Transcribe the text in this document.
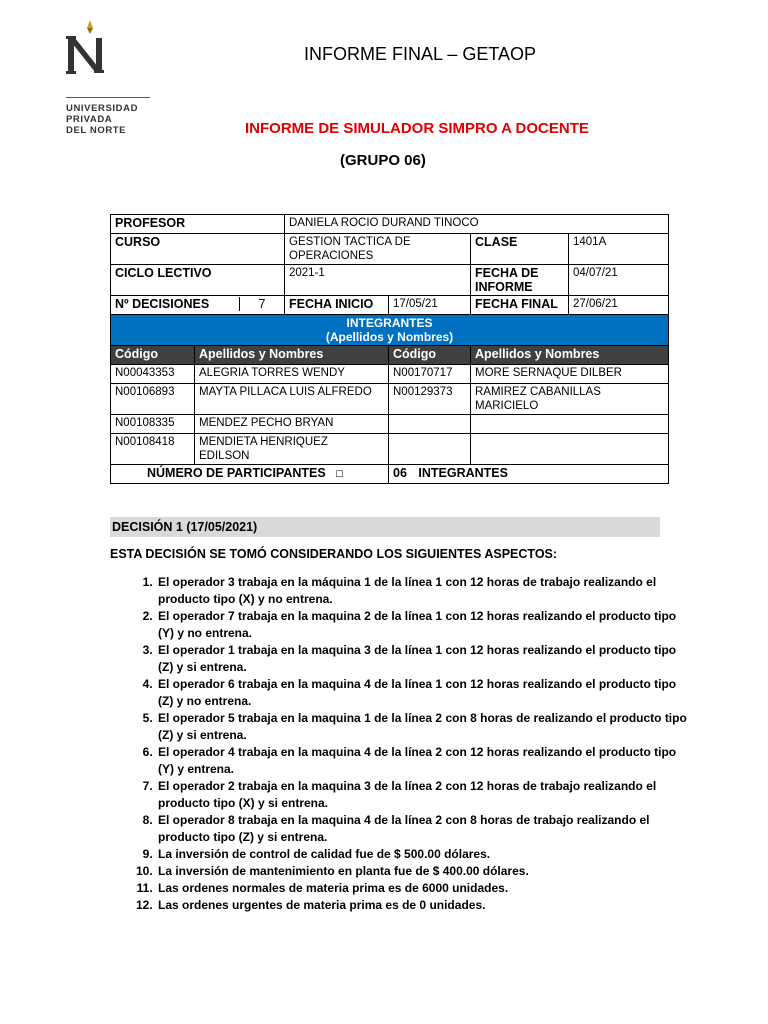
UNIVERSIDAD
PRIVADA
DEL NORTE
INFORME FINAL – GETAOP
INFORME DE SIMULADOR SIMPRO A DOCENTE
(GRUPO 06)
PROFESOR		DANIELA ROCIO DURAND TINOCO			
CURSO		GESTION TACTICA DE OPERACIONES		CLASE	1401A
CICLO LECTIVO		2021-1		FECHA DE INFORME	04/07/21
Nº DECISIONES 7		FECHA INICIO	17/05/21	FECHA FINAL	27/06/21

INTEGRANTES
(Apellidos y Nombres)					

Código	Apellidos y Nombres		Código	Apellidos y Nombres	
N00043353	ALEGRIA TORRES WENDY		N00170717	MORE SERNAQUE DILBER	
N00106893	MAYTA PILLACA LUIS ALFREDO		N00129373	RAMIREZ CABANILLAS MARICIELO	

N00108335	MENDEZ PECHO BRYAN				
N00108418	MENDIETA HENRIQUEZ EDILSON				

NÚMERO DE PARTICIPANTES ☐			06 INTEGRANTES		
DECISIÓN 1 (17/05/2021)
ESTA DECISIÓN SE TOMÓ CONSIDERANDO LOS SIGUIENTES ASPECTOS:
1. El operador 3 trabaja en la máquina 1 de la línea 1 con 12 horas de trabajo realizando el producto tipo (X) y no entrena.
2. El operador 7 trabaja en la maquina 2 de la línea 1 con 12 horas realizando el producto tipo (Y) y no entrena.
3. El operador 1 trabaja en la maquina 3 de la línea 1 con 12 horas realizando el producto tipo (Z) y si entrena.
4. El operador 6 trabaja en la maquina 4 de la línea 1 con 12 horas realizando el producto tipo (Z) y no entrena.
5. El operador 5 trabaja en la maquina 1 de la línea 2 con 8 horas de realizando el producto tipo (Z) y si entrena.
6. El operador 4 trabaja en la maquina 4 de la línea 2 con 12 horas realizando el producto tipo (Y) y entrena.
7. El operador 2 trabaja en la maquina 3 de la línea 2 con 12 horas de trabajo realizando el producto tipo (X) y si entrena.
8. El operador 8 trabaja en la maquina 4 de la línea 2 con 8 horas de trabajo realizando el producto tipo (Z) y si entrena.
9. La inversión de control de calidad fue de $ 500.00 dólares.
10. La inversión de mantenimiento en planta fue de $ 400.00 dólares.
11. Las ordenes normales de materia prima es de 6000 unidades.
12. Las ordenes urgentes de materia prima es de 0 unidades.
